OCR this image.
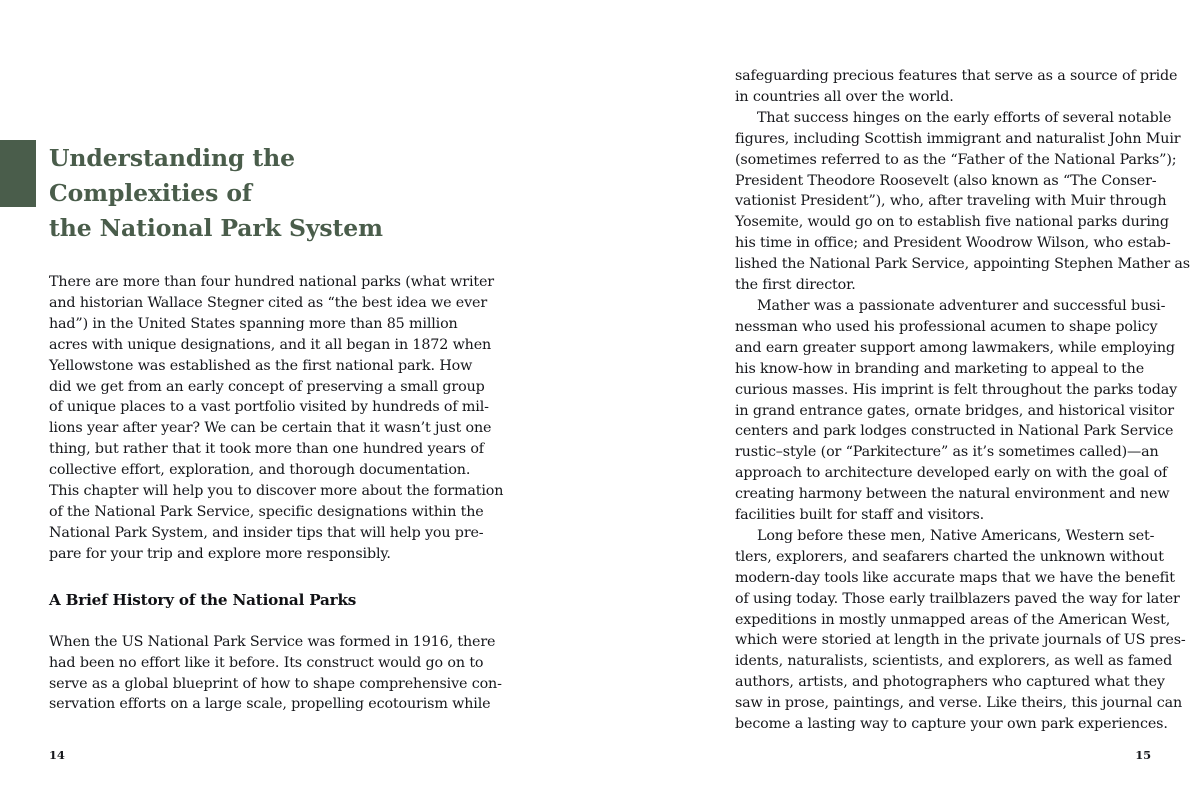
Understanding the Complexities of
the National Park System

There are more than four hundred national parks (what writer
and historian Wallace Stegner cited as “the best idea we ever
had”) in the United States spanning more than 85 million
acres with unique designations, and it all began in 1872 when
Yellowstone was established as the first national park. How
did we get from an early concept of preserving a small group
of unique places to a vast portfolio visited by hundreds of mil-
lions year after year? We can be certain that it wasn’t just one
thing, but rather that it took more than one hundred years of
collective effort, exploration, and thorough documentation.
This chapter will help you to discover more about the formation
of the National Park Service, specific designations within the
National Park System, and insider tips that will help you pre-
pare for your trip and explore more responsibly.

A Brief History of the National Parks

When the US National Park Service was formed in 1916, there
had been no effort like it before. Its construct would go on to
serve as a global blueprint of how to shape comprehensive con-
servation efforts on a large scale, propelling ecotourism while

14

safeguarding precious features that serve as a source of pride
in countries all over the world.

That success hinges on the early efforts of several notable
figures, including Scottish immigrant and naturalist John Muir
(sometimes referred to as the “Father of the National Parks”);
President Theodore Roosevelt (also known as “The Conser-
vationist President”), who, after traveling with Muir through
Yosemite, would go on to establish five national parks during
his time in office; and President Woodrow Wilson, who estab-
lished the National Park Service, appointing Stephen Mather as
the first director.

Mather was a passionate adventurer and successful busi-
nessman who used his professional acumen to shape policy
and earn greater support among lawmakers, while employing
his know-how in branding and marketing to appeal to the
curious masses. His imprint is felt throughout the parks today
in grand entrance gates, ornate bridges, and historical visitor
centers and park lodges constructed in National Park Service
rustic–style (or “Parkitecture” as it’s sometimes called)—an
approach to architecture developed early on with the goal of
creating harmony between the natural environment and new
facilities built for staff and visitors.

Long before these men, Native Americans, Western set-
tlers, explorers, and seafarers charted the unknown without
modern-day tools like accurate maps that we have the benefit
of using today. Those early trailblazers paved the way for later
expeditions in mostly unmapped areas of the American West,
which were storied at length in the private journals of US pres-
idents, naturalists, scientists, and explorers, as well as famed
authors, artists, and photographers who captured what they
saw in prose, paintings, and verse. Like theirs, this journal can
become a lasting way to capture your own park experiences.

15
